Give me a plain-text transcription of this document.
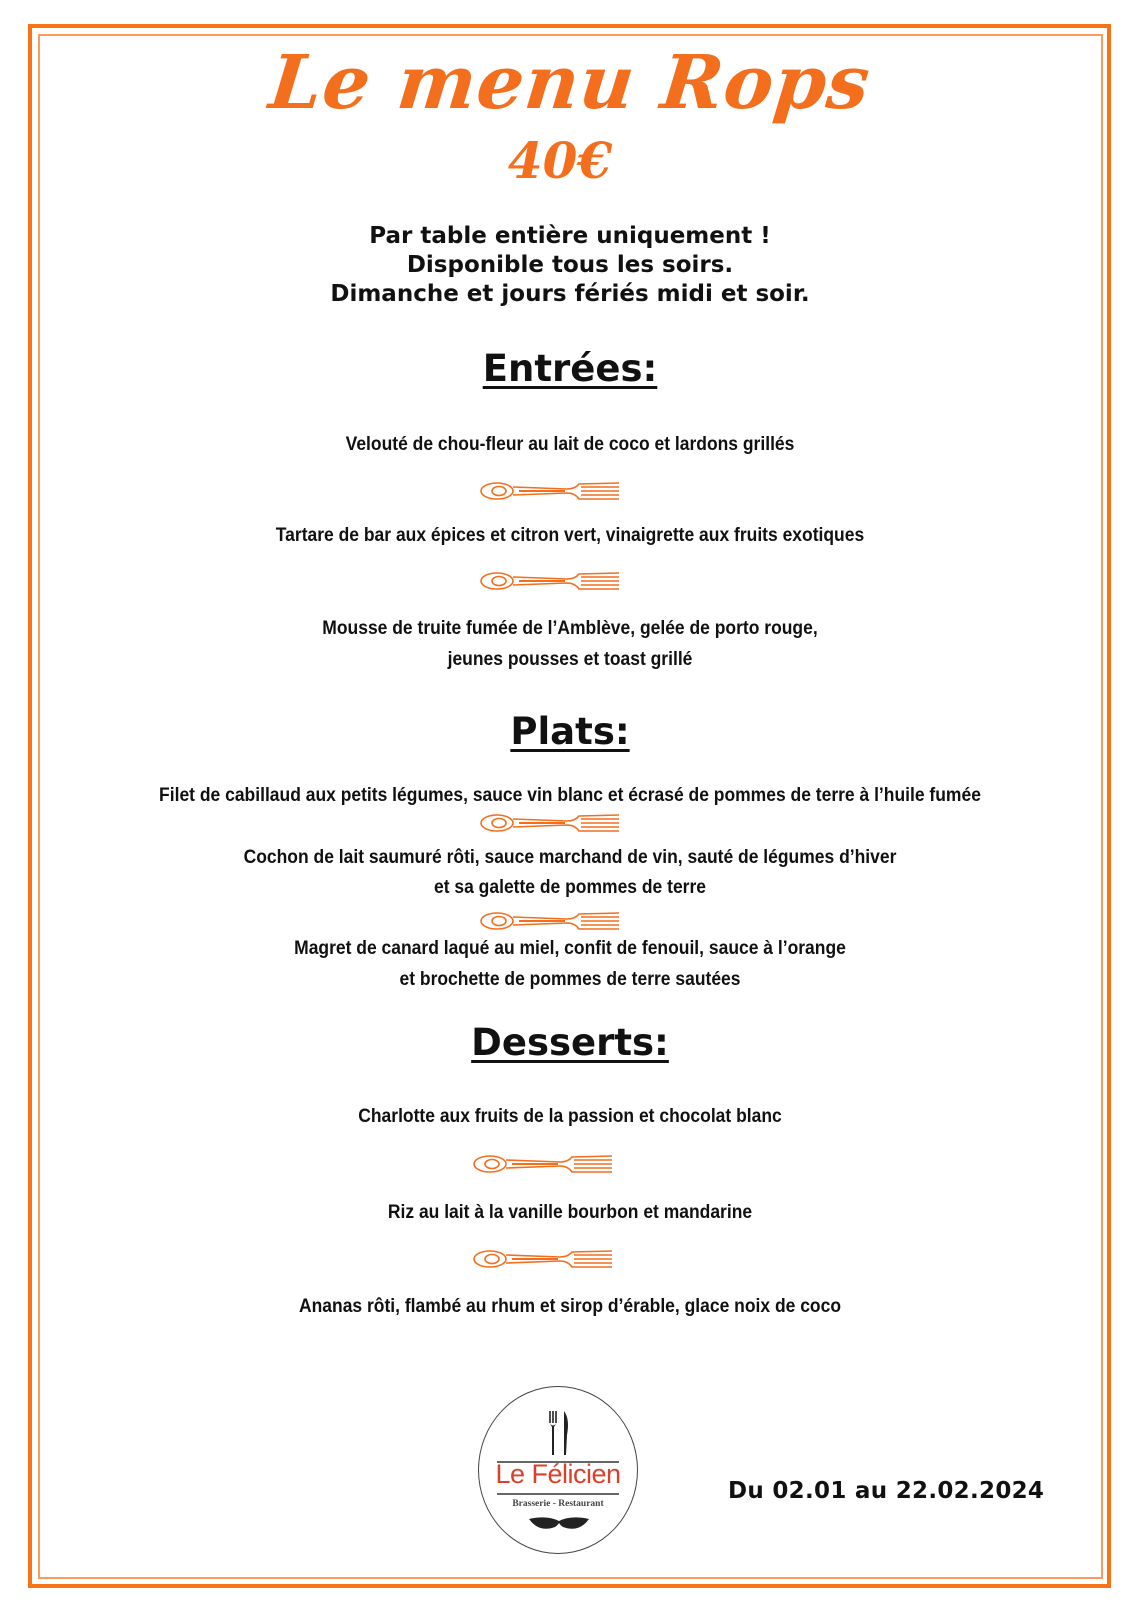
Le menu Rops
40€
Par table entière uniquement !
Disponible tous les soirs.
Dimanche et jours fériés midi et soir.
Entrées:
Velouté de chou-fleur au lait de coco et lardons grillés
Tartare de bar aux épices et citron vert, vinaigrette aux fruits exotiques
Mousse de truite fumée de l’Amblève, gelée de porto rouge,
jeunes pousses et toast grillé
Plats:
Filet de cabillaud aux petits légumes, sauce vin blanc et écrasé de pommes de terre à l’huile fumée
Cochon de lait saumuré rôti, sauce marchand de vin, sauté de légumes d’hiver
et sa galette de pommes de terre
Magret de canard laqué au miel, confit de fenouil, sauce à l’orange
et brochette de pommes de terre sautées
Desserts:
Charlotte aux fruits de la passion et chocolat blanc
Riz au lait à la vanille bourbon et mandarine
Ananas rôti, flambé au rhum et sirop d’érable, glace noix de coco
Le Félicien
Brasserie - Restaurant	Du 02.01 au 22.02.2024
